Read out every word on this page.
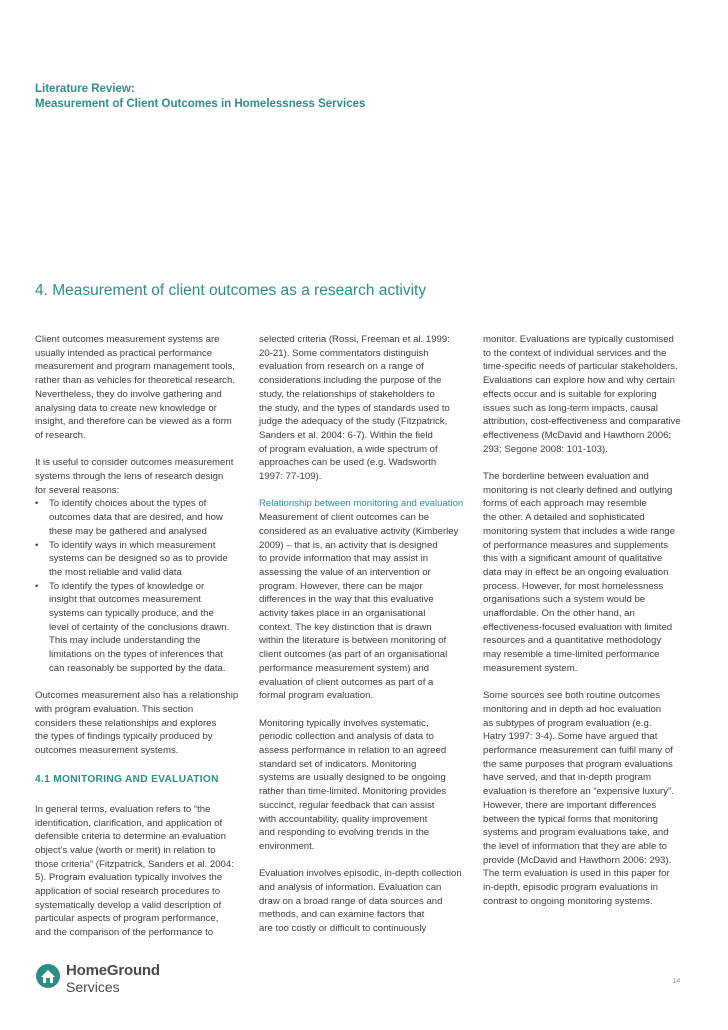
Literature Review:
Measurement of Client Outcomes in Homelessness Services
4. Measurement of client outcomes as a research activity

Client outcomes measurement systems are
usually intended as practical performance
measurement and program management tools,
rather than as vehicles for theoretical research.
Nevertheless, they do involve gathering and
analysing data to create new knowledge or
insight, and therefore can be viewed as a form
of research.

It is useful to consider outcomes measurement
systems through the lens of research design
for several reasons:

•	To identify choices about the types of
outcomes data that are desired, and how
these may be gathered and analysed
•	To identify ways in which measurement
systems can be designed so as to provide
the most reliable and valid data
•	To identify the types of knowledge or
insight that outcomes measurement
systems can typically produce, and the
level of certainty of the conclusions drawn.
This may include understanding the
limitations on the types of inferences that
can reasonably be supported by the data.

Outcomes measurement also has a relationship
with program evaluation. This section
considers these relationships and explores
the types of findings typically produced by
outcomes measurement systems.

4.1 MONITORING AND EVALUATION

In general terms, evaluation refers to “the
identification, clarification, and application of
defensible criteria to determine an evaluation
object’s value (worth or merit) in relation to
those criteria” (Fitzpatrick, Sanders et al. 2004:
5). Program evaluation typically involves the
application of social research procedures to
systematically develop a valid description of
particular aspects of program performance,
and the comparison of the performance to

selected criteria (Rossi, Freeman et al. 1999:
20-21). Some commentators distinguish
evaluation from research on a range of
considerations including the purpose of the
study, the relationships of stakeholders to
the study, and the types of standards used to
judge the adequacy of the study (Fitzpatrick,
Sanders et al. 2004: 6-7). Within the field
of program evaluation, a wide spectrum of
approaches can be used (e.g. Wadsworth
1997: 77-109).

Relationship between monitoring and evaluation

Measurement of client outcomes can be
considered as an evaluative activity (Kimberley
2009) – that is, an activity that is designed
to provide information that may assist in
assessing the value of an intervention or
program. However, there can be major
differences in the way that this evaluative
activity takes place in an organisational
context. The key distinction that is drawn
within the literature is between monitoring of
client outcomes (as part of an organisational
performance measurement system) and
evaluation of client outcomes as part of a
formal program evaluation.

Monitoring typically involves systematic,
periodic collection and analysis of data to
assess performance in relation to an agreed
standard set of indicators. Monitoring
systems are usually designed to be ongoing
rather than time-limited. Monitoring provides
succinct, regular feedback that can assist
with accountability, quality improvement
and responding to evolving trends in the
environment.

Evaluation involves episodic, in-depth collection
and analysis of information. Evaluation can
draw on a broad range of data sources and
methods, and can examine factors that
are too costly or difficult to continuously

monitor. Evaluations are typically customised
to the context of individual services and the
time-specific needs of particular stakeholders.
Evaluations can explore how and why certain
effects occur and is suitable for exploring
issues such as long-term impacts, causal
attribution, cost-effectiveness and comparative
effectiveness (McDavid and Hawthorn 2006:
293; Segone 2008: 101-103).

The borderline between evaluation and
monitoring is not clearly defined and outlying
forms of each approach may resemble
the other. A detailed and sophisticated
monitoring system that includes a wide range
of performance measures and supplements
this with a significant amount of qualitative
data may in effect be an ongoing evaluation
process. However, for most homelessness
organisations such a system would be
unaffordable. On the other hand, an
effectiveness-focused evaluation with limited
resources and a quantitative methodology
may resemble a time-limited performance
measurement system.

Some sources see both routine outcomes
monitoring and in depth ad hoc evaluation
as subtypes of program evaluation (e.g.
Hatry 1997: 3-4). Some have argued that
performance measurement can fulfil many of
the same purposes that program evaluations
have served, and that in-depth program
evaluation is therefore an “expensive luxury”.
However, there are important differences
between the typical forms that monitoring
systems and program evaluations take, and
the level of information that they are able to
provide (McDavid and Hawthorn 2006: 293).
The term evaluation is used in this paper for
in-depth, episodic program evaluations in
contrast to ongoing monitoring systems.

HomeGround
Services	14
